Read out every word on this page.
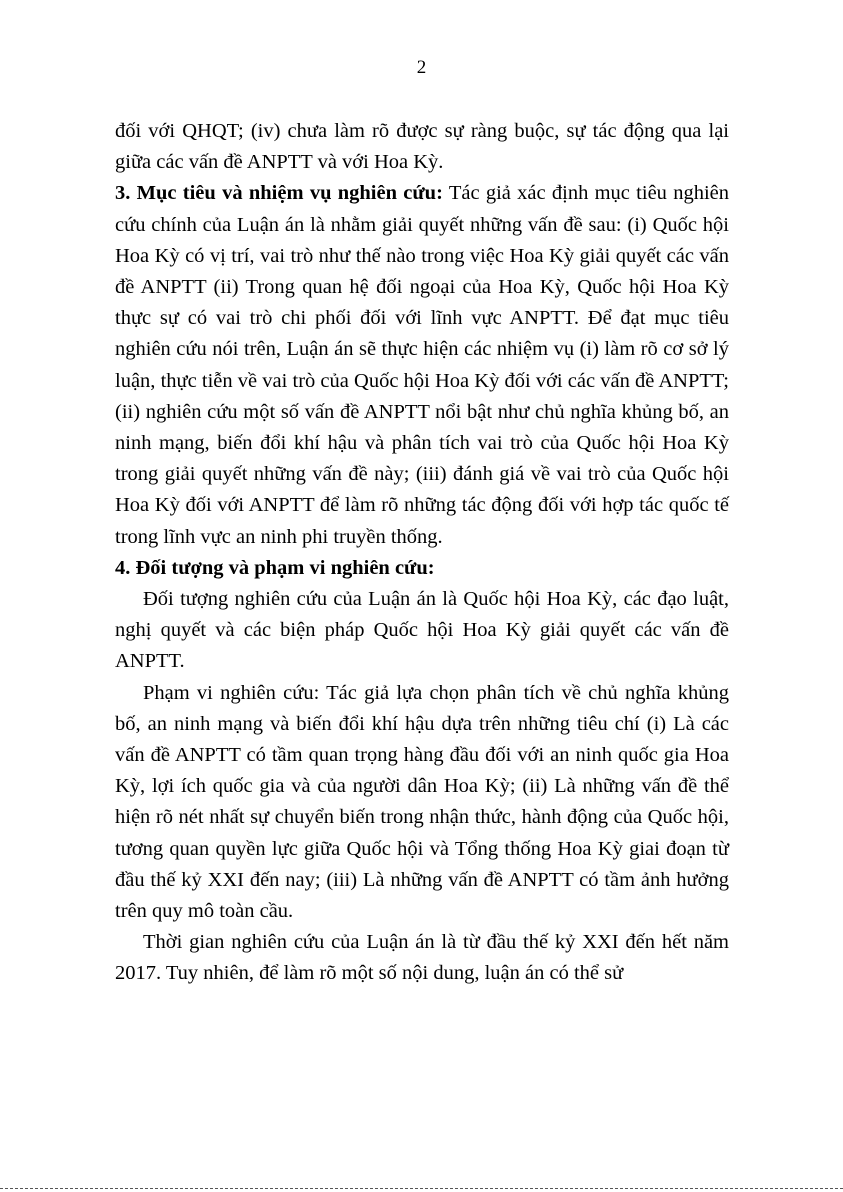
2

đối với QHQT; (iv) chưa làm rõ được sự ràng buộc, sự tác động qua lại giữa các vấn đề ANPTT và với Hoa Kỳ.

3. Mục tiêu và nhiệm vụ nghiên cứu: Tác giả xác định mục tiêu nghiên cứu chính của Luận án là nhằm giải quyết những vấn đề sau: (i) Quốc hội Hoa Kỳ có vị trí, vai trò như thế nào trong việc Hoa Kỳ giải quyết các vấn đề ANPTT (ii) Trong quan hệ đối ngoại của Hoa Kỳ, Quốc hội Hoa Kỳ thực sự có vai trò chi phối đối với lĩnh vực ANPTT. Để đạt mục tiêu nghiên cứu nói trên, Luận án sẽ thực hiện các nhiệm vụ (i) làm rõ cơ sở lý luận, thực tiễn về vai trò của Quốc hội Hoa Kỳ đối với các vấn đề ANPTT; (ii) nghiên cứu một số vấn đề ANPTT nổi bật như chủ nghĩa khủng bố, an ninh mạng, biến đổi khí hậu và phân tích vai trò của Quốc hội Hoa Kỳ trong giải quyết những vấn đề này; (iii) đánh giá về vai trò của Quốc hội Hoa Kỳ đối với ANPTT để làm rõ những tác động đối với hợp tác quốc tế trong lĩnh vực an ninh phi truyền thống.

4. Đối tượng và phạm vi nghiên cứu:

Đối tượng nghiên cứu của Luận án là Quốc hội Hoa Kỳ, các đạo luật, nghị quyết và các biện pháp Quốc hội Hoa Kỳ giải quyết các vấn đề ANPTT.

Phạm vi nghiên cứu: Tác giả lựa chọn phân tích về chủ nghĩa khủng bố, an ninh mạng và biến đổi khí hậu dựa trên những tiêu chí (i) Là các vấn đề ANPTT có tầm quan trọng hàng đầu đối với an ninh quốc gia Hoa Kỳ, lợi ích quốc gia và của người dân Hoa Kỳ; (ii) Là những vấn đề thể hiện rõ nét nhất sự chuyển biến trong nhận thức, hành động của Quốc hội, tương quan quyền lực giữa Quốc hội và Tổng thống Hoa Kỳ giai đoạn từ đầu thế kỷ XXI đến nay; (iii) Là những vấn đề ANPTT có tầm ảnh hưởng trên quy mô toàn cầu.

Thời gian nghiên cứu của Luận án là từ đầu thế kỷ XXI đến hết năm 2017. Tuy nhiên, để làm rõ một số nội dung, luận án có thể sử
